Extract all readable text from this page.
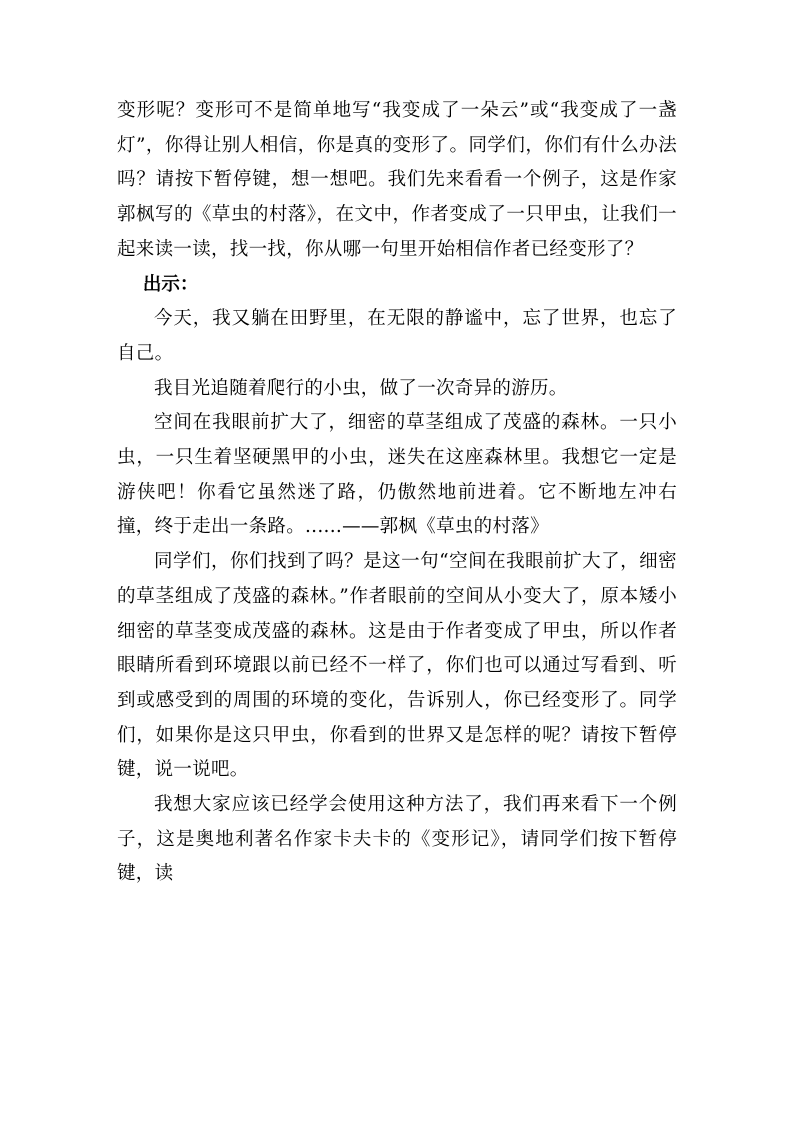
变形呢？变形可不是简单地写“我变成了一朵云”或“我变成了一盏灯”，你得让别人相信，你是真的变形了。同学们，你们有什么办法吗？请按下暂停键，想一想吧。我们先来看看一个例子，这是作家郭枫写的《草虫的村落》，在文中，作者变成了一只甲虫，让我们一起来读一读，找一找，你从哪一句里开始相信作者已经变形了？

出示：

今天，我又躺在田野里，在无限的静谧中，忘了世界，也忘了自己。

我目光追随着爬行的小虫，做了一次奇异的游历。

空间在我眼前扩大了，细密的草茎组成了茂盛的森林。一只小虫，一只生着坚硬黑甲的小虫，迷失在这座森林里。我想它一定是游侠吧！你看它虽然迷了路，仍傲然地前进着。它不断地左冲右撞，终于走出一条路。......——郭枫《草虫的村落》

同学们，你们找到了吗？是这一句“空间在我眼前扩大了，细密的草茎组成了茂盛的森林。”作者眼前的空间从小变大了，原本矮小细密的草茎变成茂盛的森林。这是由于作者变成了甲虫，所以作者眼睛所看到环境跟以前已经不一样了，你们也可以通过写看到、听到或感受到的周围的环境的变化，告诉别人，你已经变形了。同学们，如果你是这只甲虫，你看到的世界又是怎样的呢？请按下暂停键，说一说吧。

我想大家应该已经学会使用这种方法了，我们再来看下一个例子，这是奥地利著名作家卡夫卡的《变形记》，请同学们按下暂停键，读
